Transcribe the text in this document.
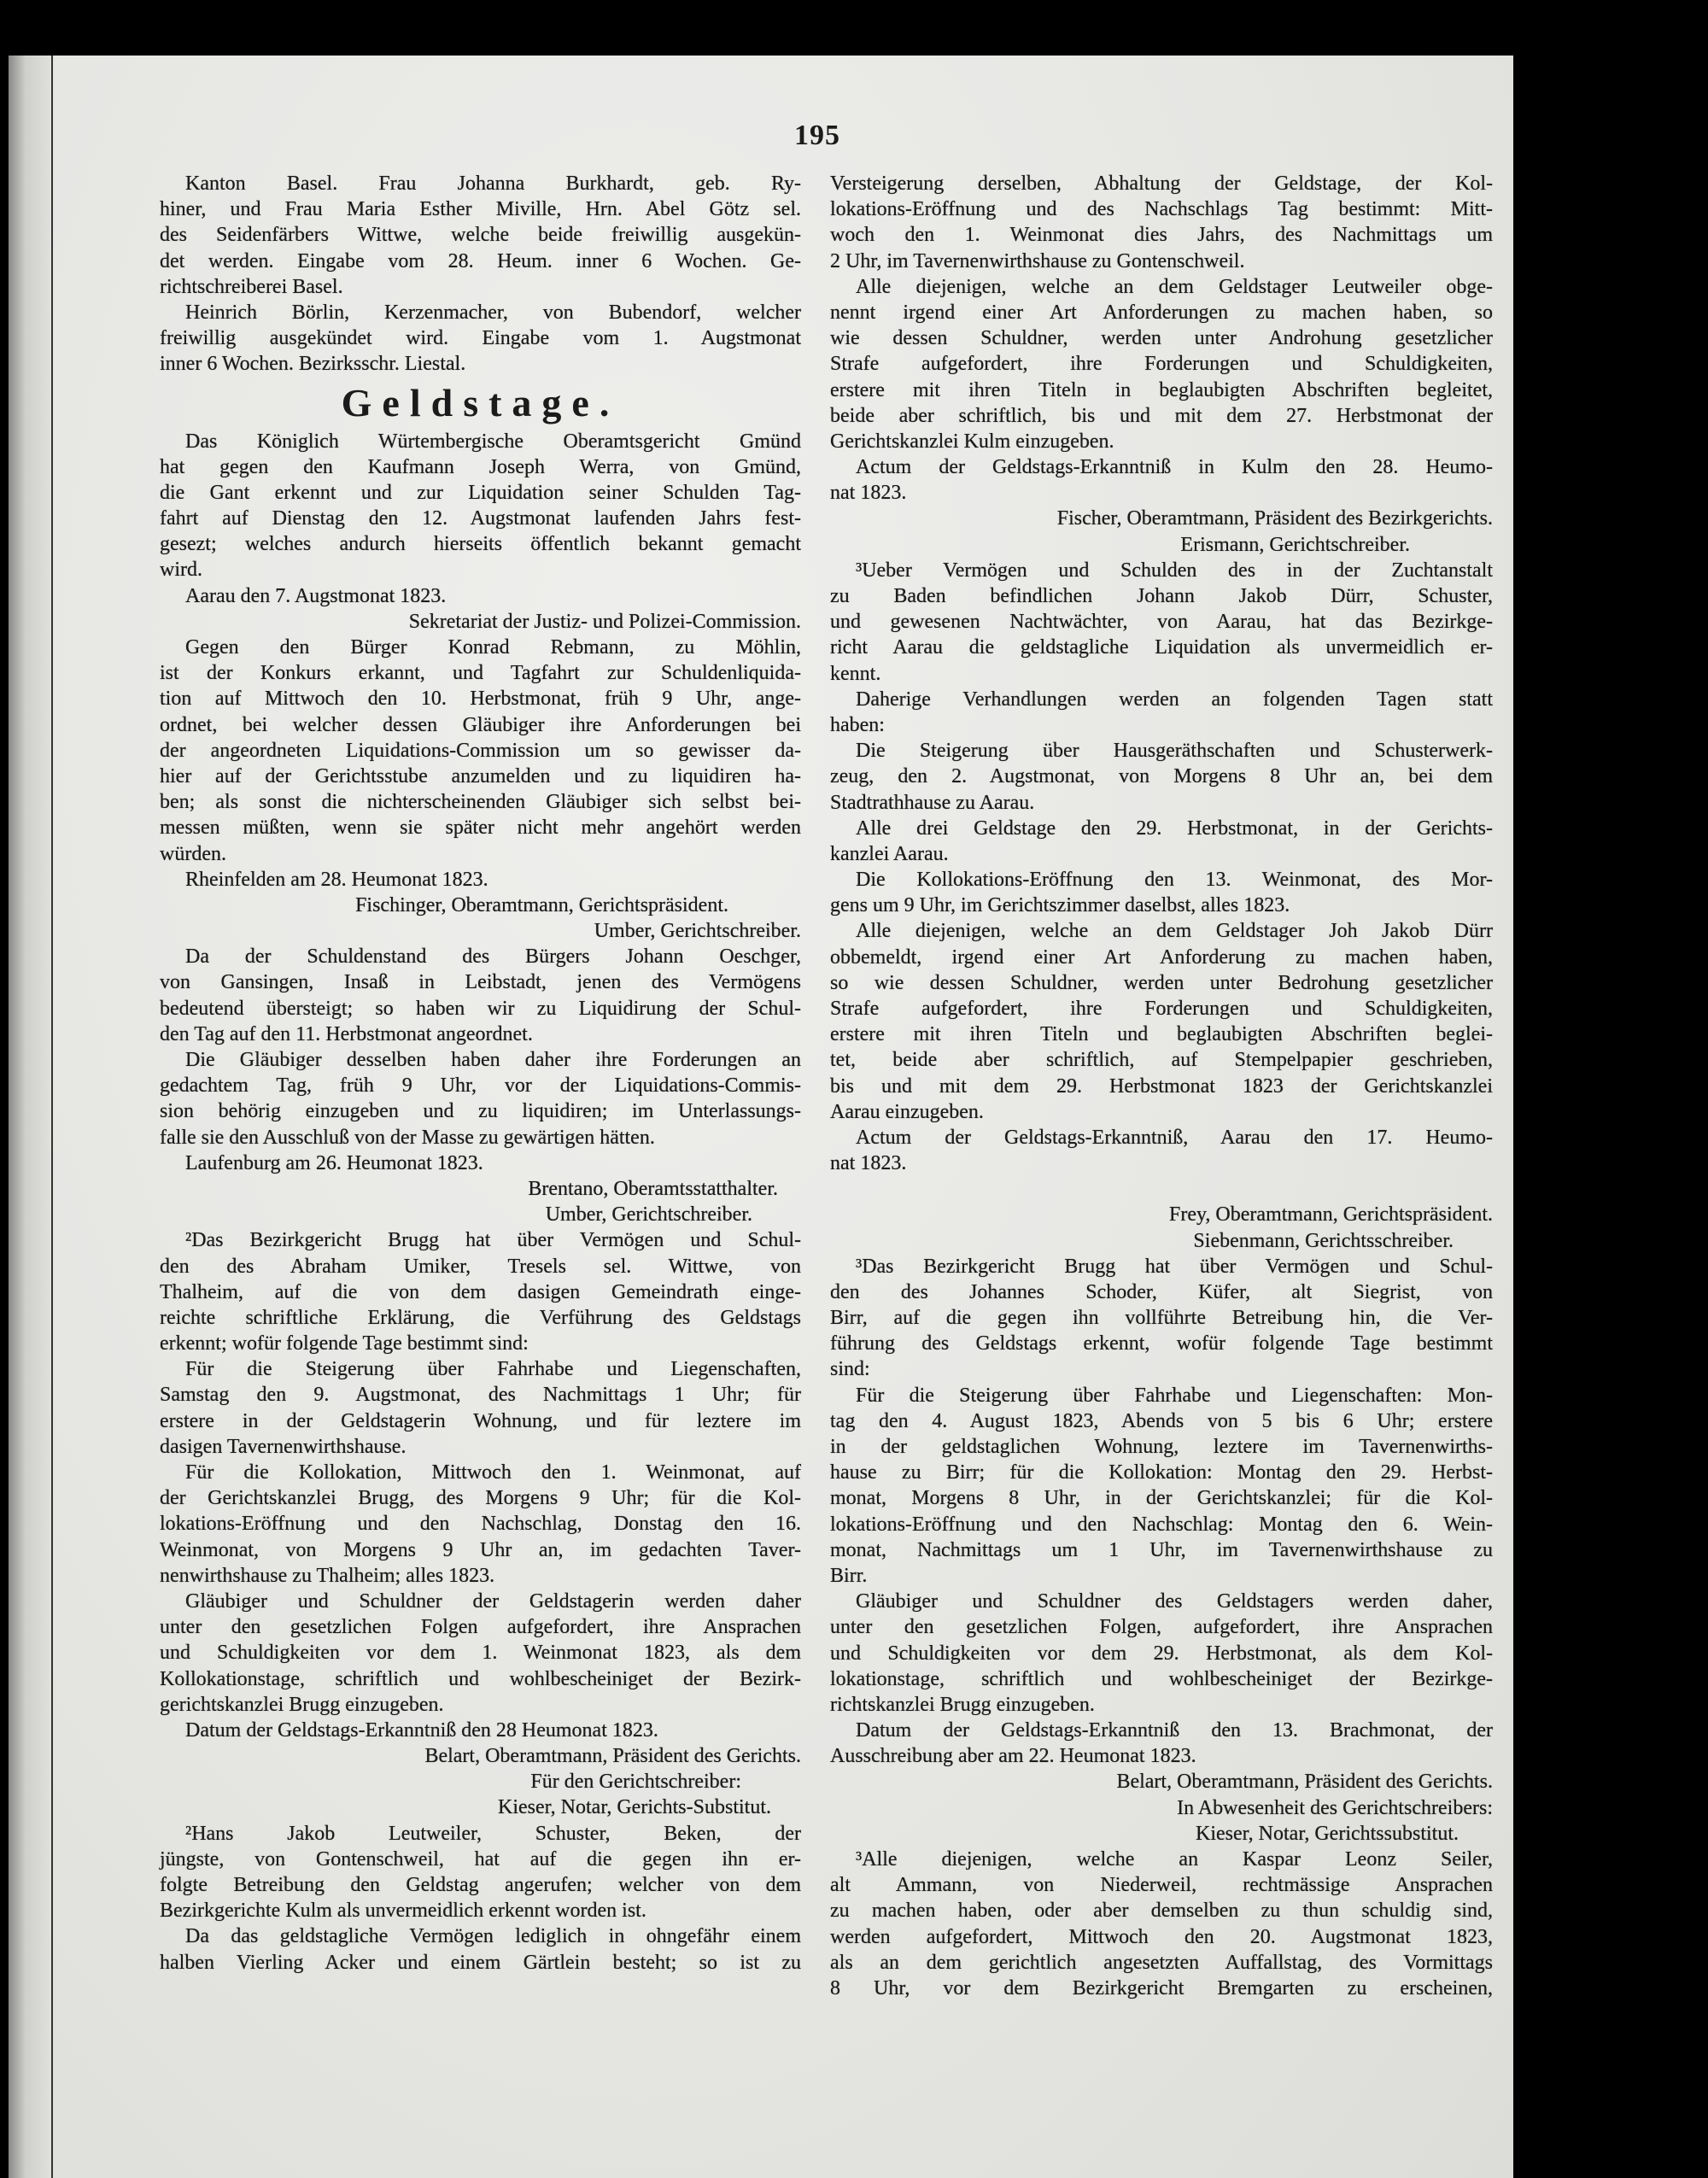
195
Kanton Basel. Frau Johanna Burkhardt, geb. Ry-
hiner, und Frau Maria Esther Miville, Hrn. Abel Götz sel.
des Seidenfärbers Wittwe, welche beide freiwillig ausgekün-
det werden. Eingabe vom 28. Heum. inner 6 Wochen. Ge-
richtschreiberei Basel.
Heinrich Börlin, Kerzenmacher, von Bubendorf, welcher
freiwillig ausgekündet wird. Eingabe vom 1. Augstmonat
inner 6 Wochen. Bezirksschr. Liestal.
Geldstage.
Das Königlich Würtembergische Oberamtsgericht Gmünd
hat gegen den Kaufmann Joseph Werra, von Gmünd,
die Gant erkennt und zur Liquidation seiner Schulden Tag-
fahrt auf Dienstag den 12. Augstmonat laufenden Jahrs fest-
gesezt; welches andurch hierseits öffentlich bekannt gemacht
wird.
Aarau den 7. Augstmonat 1823.
Sekretariat der Justiz- und Polizei-Commission.
Gegen den Bürger Konrad Rebmann, zu Möhlin,
ist der Konkurs erkannt, und Tagfahrt zur Schuldenliquida-
tion auf Mittwoch den 10. Herbstmonat, früh 9 Uhr, ange-
ordnet, bei welcher dessen Gläubiger ihre Anforderungen bei
der angeordneten Liquidations-Commission um so gewisser da-
hier auf der Gerichtsstube anzumelden und zu liquidiren ha-
ben; als sonst die nichterscheinenden Gläubiger sich selbst bei-
messen müßten, wenn sie später nicht mehr angehört werden
würden.
Rheinfelden am 28. Heumonat 1823.
Fischinger, Oberamtmann, Gerichtspräsident.
Umber, Gerichtschreiber.
Da der Schuldenstand des Bürgers Johann Oeschger,
von Gansingen, Insaß in Leibstadt, jenen des Vermögens
bedeutend übersteigt; so haben wir zu Liquidirung der Schul-
den Tag auf den 11. Herbstmonat angeordnet.
Die Gläubiger desselben haben daher ihre Forderungen an
gedachtem Tag, früh 9 Uhr, vor der Liquidations-Commis-
sion behörig einzugeben und zu liquidiren; im Unterlassungs-
falle sie den Ausschluß von der Masse zu gewärtigen hätten.
Laufenburg am 26. Heumonat 1823.
Brentano, Oberamtsstatthalter.
Umber, Gerichtschreiber.
²Das Bezirkgericht Brugg hat über Vermögen und Schul-
den des Abraham Umiker, Tresels sel. Wittwe, von
Thalheim, auf die von dem dasigen Gemeindrath einge-
reichte schriftliche Erklärung, die Verführung des Geldstags
erkennt; wofür folgende Tage bestimmt sind:
Für die Steigerung über Fahrhabe und Liegenschaften,
Samstag den 9. Augstmonat, des Nachmittags 1 Uhr; für
erstere in der Geldstagerin Wohnung, und für leztere im
dasigen Tavernenwirthshause.
Für die Kollokation, Mittwoch den 1. Weinmonat, auf
der Gerichtskanzlei Brugg, des Morgens 9 Uhr; für die Kol-
lokations-Eröffnung und den Nachschlag, Donstag den 16.
Weinmonat, von Morgens 9 Uhr an, im gedachten Taver-
nenwirthshause zu Thalheim; alles 1823.
Gläubiger und Schuldner der Geldstagerin werden daher
unter den gesetzlichen Folgen aufgefordert, ihre Ansprachen
und Schuldigkeiten vor dem 1. Weinmonat 1823, als dem
Kollokationstage, schriftlich und wohlbescheiniget der Bezirk-
gerichtskanzlei Brugg einzugeben.
Datum der Geldstags-Erkanntniß den 28 Heumonat 1823.
Belart, Oberamtmann, Präsident des Gerichts.
Für den Gerichtschreiber:
Kieser, Notar, Gerichts-Substitut.
²Hans Jakob Leutweiler, Schuster, Beken, der
jüngste, von Gontenschweil, hat auf die gegen ihn er-
folgte Betreibung den Geldstag angerufen; welcher von dem
Bezirkgerichte Kulm als unvermeidlich erkennt worden ist.
Da das geldstagliche Vermögen lediglich in ohngefähr einem
halben Vierling Acker und einem Gärtlein besteht; so ist zu
Versteigerung derselben, Abhaltung der Geldstage, der Kol-
lokations-Eröffnung und des Nachschlags Tag bestimmt: Mitt-
woch den 1. Weinmonat dies Jahrs, des Nachmittags um
2 Uhr, im Tavernenwirthshause zu Gontenschweil.
Alle diejenigen, welche an dem Geldstager Leutweiler obge-
nennt irgend einer Art Anforderungen zu machen haben, so
wie dessen Schuldner, werden unter Androhung gesetzlicher
Strafe aufgefordert, ihre Forderungen und Schuldigkeiten,
erstere mit ihren Titeln in beglaubigten Abschriften begleitet,
beide aber schriftlich, bis und mit dem 27. Herbstmonat der
Gerichtskanzlei Kulm einzugeben.
Actum der Geldstags-Erkanntniß in Kulm den 28. Heumo-
nat 1823.
Fischer, Oberamtmann, Präsident des Bezirkgerichts.
Erismann, Gerichtschreiber.
³Ueber Vermögen und Schulden des in der Zuchtanstalt
zu Baden befindlichen Johann Jakob Dürr, Schuster,
und gewesenen Nachtwächter, von Aarau, hat das Bezirkge-
richt Aarau die geldstagliche Liquidation als unvermeidlich er-
kennt.
Daherige Verhandlungen werden an folgenden Tagen statt
haben:
Die Steigerung über Hausgeräthschaften und Schusterwerk-
zeug, den 2. Augstmonat, von Morgens 8 Uhr an, bei dem
Stadtrathhause zu Aarau.
Alle drei Geldstage den 29. Herbstmonat, in der Gerichts-
kanzlei Aarau.
Die Kollokations-Eröffnung den 13. Weinmonat, des Mor-
gens um 9 Uhr, im Gerichtszimmer daselbst, alles 1823.
Alle diejenigen, welche an dem Geldstager Joh Jakob Dürr
obbemeldt, irgend einer Art Anforderung zu machen haben,
so wie dessen Schuldner, werden unter Bedrohung gesetzlicher
Strafe aufgefordert, ihre Forderungen und Schuldigkeiten,
erstere mit ihren Titeln und beglaubigten Abschriften beglei-
tet, beide aber schriftlich, auf Stempelpapier geschrieben,
bis und mit dem 29. Herbstmonat 1823 der Gerichtskanzlei
Aarau einzugeben.
Actum der Geldstags-Erkanntniß, Aarau den 17. Heumo-
nat 1823.
Frey, Oberamtmann, Gerichtspräsident.
Siebenmann, Gerichtsschreiber.
³Das Bezirkgericht Brugg hat über Vermögen und Schul-
den des Johannes Schoder, Küfer, alt Siegrist, von
Birr, auf die gegen ihn vollführte Betreibung hin, die Ver-
führung des Geldstags erkennt, wofür folgende Tage bestimmt
sind:
Für die Steigerung über Fahrhabe und Liegenschaften: Mon-
tag den 4. August 1823, Abends von 5 bis 6 Uhr; erstere
in der geldstaglichen Wohnung, leztere im Tavernenwirths-
hause zu Birr; für die Kollokation: Montag den 29. Herbst-
monat, Morgens 8 Uhr, in der Gerichtskanzlei; für die Kol-
lokations-Eröffnung und den Nachschlag: Montag den 6. Wein-
monat, Nachmittags um 1 Uhr, im Tavernenwirthshause zu
Birr.
Gläubiger und Schuldner des Geldstagers werden daher,
unter den gesetzlichen Folgen, aufgefordert, ihre Ansprachen
und Schuldigkeiten vor dem 29. Herbstmonat, als dem Kol-
lokationstage, schriftlich und wohlbescheiniget der Bezirkge-
richtskanzlei Brugg einzugeben.
Datum der Geldstags-Erkanntniß den 13. Brachmonat, der
Ausschreibung aber am 22. Heumonat 1823.
Belart, Oberamtmann, Präsident des Gerichts.
In Abwesenheit des Gerichtschreibers:
Kieser, Notar, Gerichtssubstitut.
³Alle diejenigen, welche an Kaspar Leonz Seiler,
alt Ammann, von Niederweil, rechtmässige Ansprachen
zu machen haben, oder aber demselben zu thun schuldig sind,
werden aufgefordert, Mittwoch den 20. Augstmonat 1823,
als an dem gerichtlich angesetzten Auffallstag, des Vormittags
8 Uhr, vor dem Bezirkgericht Bremgarten zu erscheinen,
